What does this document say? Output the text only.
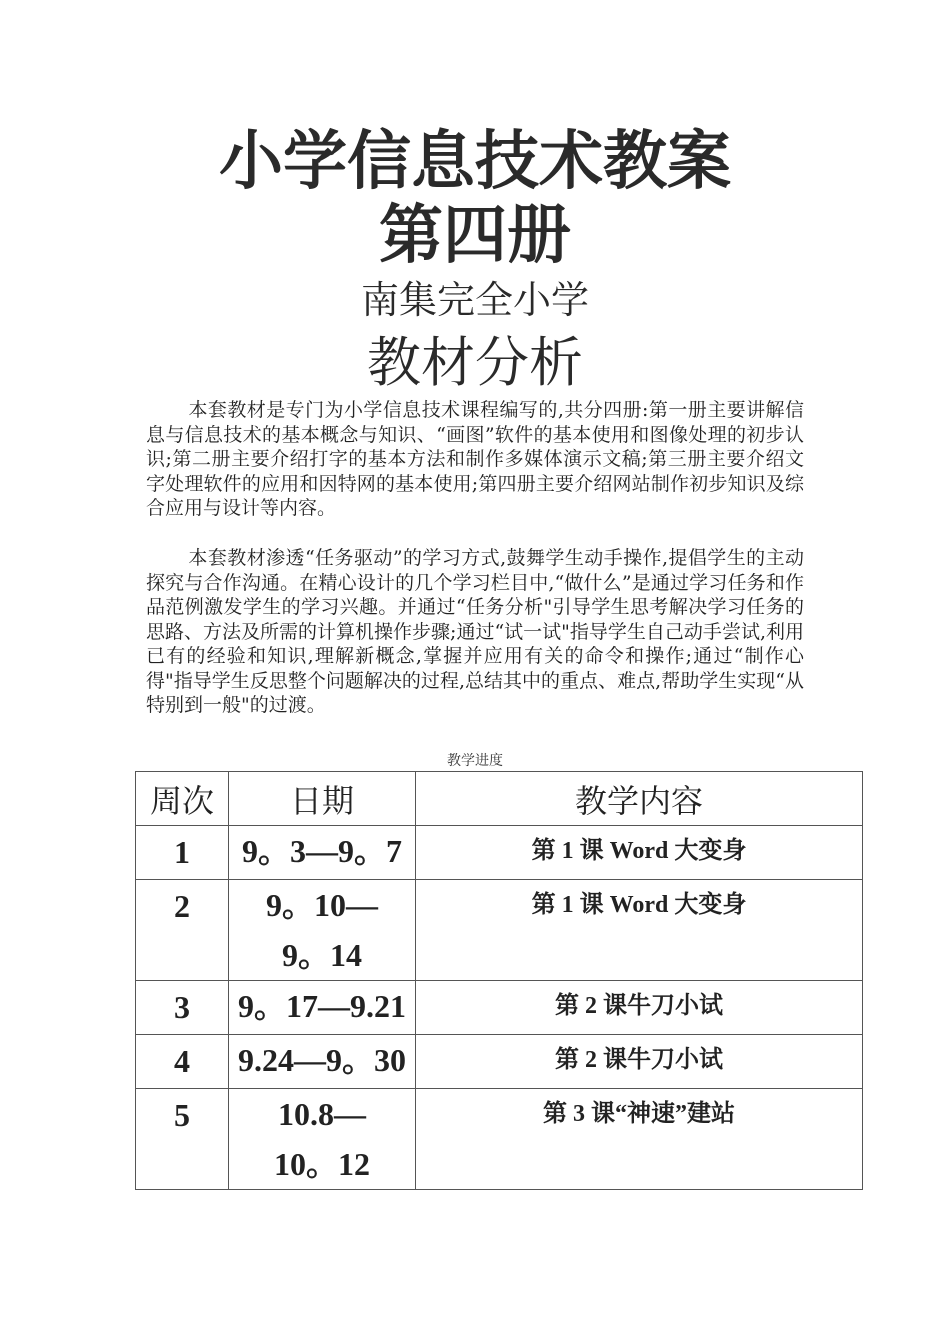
小学信息技术教案
第四册
南集完全小学
教材分析

本套教材是专门为小学信息技术课程编写的,共分四册:第一册主要讲解信息与信息技术的基本概念与知识、“画图”软件的基本使用和图像处理的初步认识;第二册主要介绍打字的基本方法和制作多媒体演示文稿;第三册主要介绍文字处理软件的应用和因特网的基本使用;第四册主要介绍网站制作初步知识及综合应用与设计等内容。

本套教材渗透“任务驱动”的学习方式,鼓舞学生动手操作,提倡学生的主动探究与合作沟通。在精心设计的几个学习栏目中,“做什么”是通过学习任务和作品范例激发学生的学习兴趣。并通过“任务分析"引导学生思考解决学习任务的思路、方法及所需的计算机操作步骤;通过“试一试"指导学生自己动手尝试,利用已有的经验和知识,理解新概念,掌握并应用有关的命令和操作;通过“制作心得"指导学生反思整个问题解决的过程,总结其中的重点、难点,帮助学生实现“从特别到一般"的过渡。

教学进度
周次	日期	教学内容
1	9。3—9。7	第 1 课 Word 大变身
2	9。10—9。14	第 1 课 Word 大变身
3	9。17—9.21	第 2 课牛刀小试
4	9.24—9。30	第 2 课牛刀小试
5	10.8—10。12	第 3 课“神速”建站
